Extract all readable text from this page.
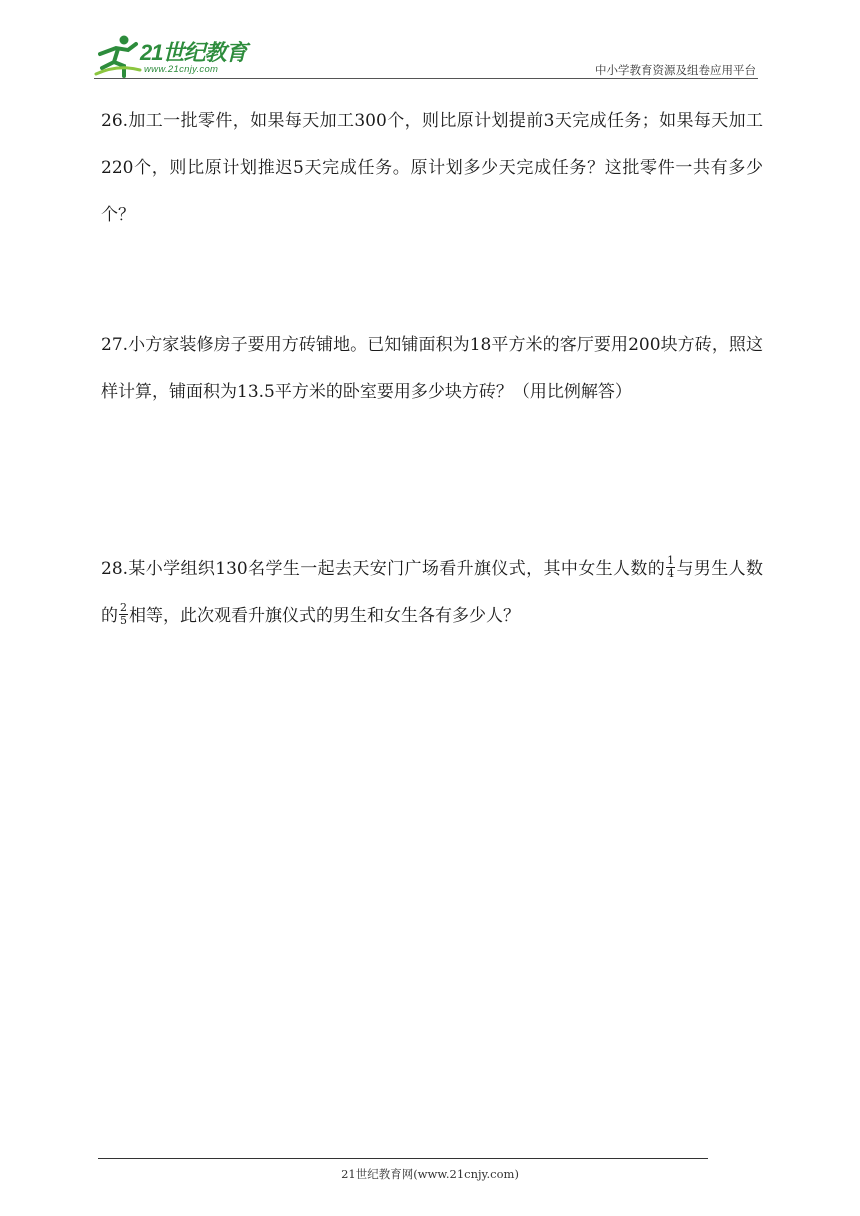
21世纪教育
www.21cnjy.com	中小学教育资源及组卷应用平台
26.加工一批零件，如果每天加工300个，则比原计划提前3天完成任务；如果每天加工220个，则比原计划推迟5天完成任务。原计划多少天完成任务？这批零件一共有多少个？
27.小方家装修房子要用方砖铺地。已知铺面积为18平方米的客厅要用200块方砖，照这样计算，铺面积为13.5平方米的卧室要用多少块方砖？（用比例解答）
28.某小学组织130名学生一起去天安门广场看升旗仪式，其中女生人数的 $\frac{1}{4}$ 与男生人数的 $\frac{2}{5}$ 相等，此次观看升旗仪式的男生和女生各有多少人？
21世纪教育网(www.21cnjy.com)
